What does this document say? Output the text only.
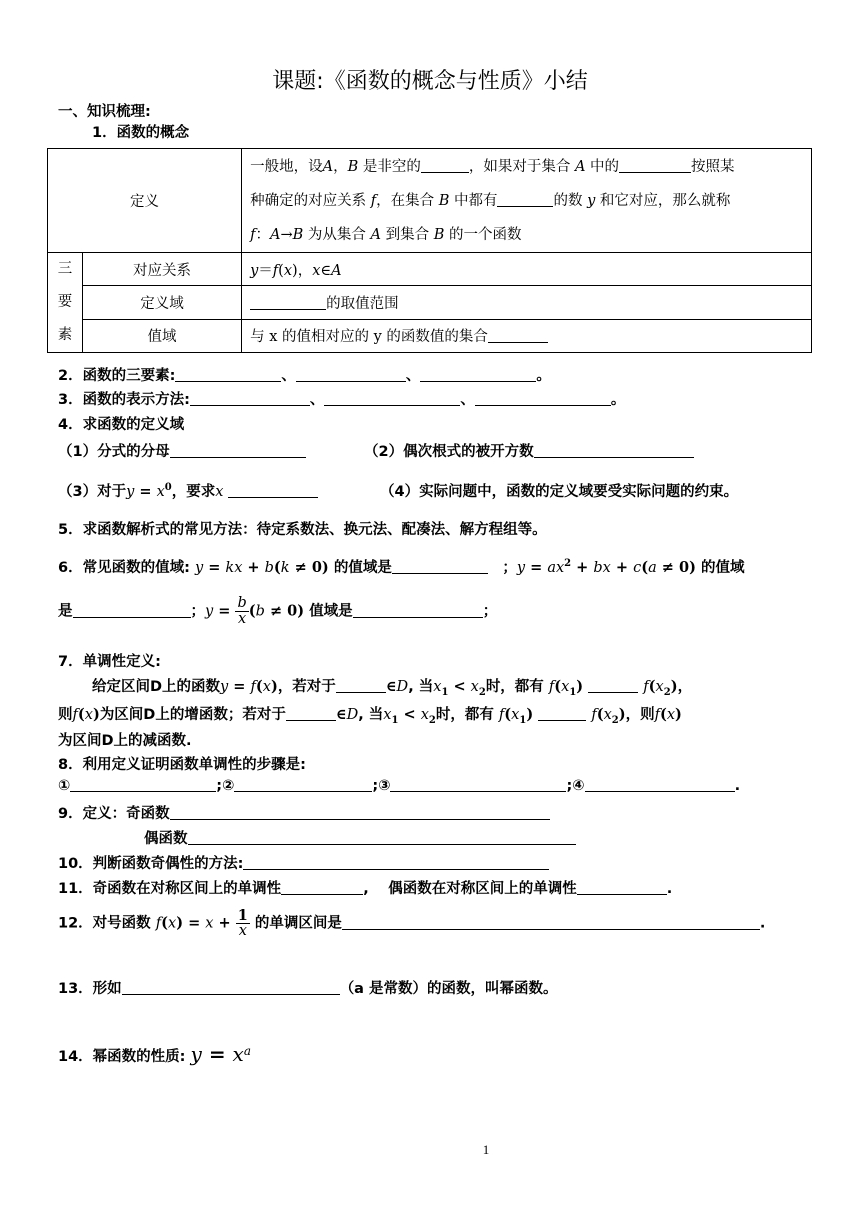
课题:《函数的概念与性质》小结
一、知识梳理:
1．函数的概念
定义		一般地，设A，B 是非空的 ，如果对于集合 A 中的 按照某
种确定的对应关系 f，在集合 B 中都有 的数 y 和它对应，那么就称
f：A→B 为从集合 A 到集合 B 的一个函数
三要素	对应关系	y＝f(x)，x∈A
	定义域	的取值范围
	值域	与 x 的值相对应的 y 的函数值的集合
2．函数的三要素:	、	、	。
3．函数的表示方法:	、	、	。
4．求函数的定义域
（1）分式的分母	（2）偶次根式的被开方数
（3）对于$y = x^0$，要求x	（4）实际问题中，函数的定义域要受实际问题的约束。
5．求函数解析式的常见方法：待定系数法、换元法、配凑法、解方程组等。
6．常见函数的值域: y = kx + b(k ≠ 0) 的值域是	　；$y = ax^2$ + bx + c(a ≠ 0) 的值域
是	；$y = \frac{b}{x} (b \ne 0)$ 值域是	；
7．单调性定义:
给定区间D上的函数y = f(x)，若对于	∈D, 当$x_1 < x_2$时，都有 $f(x_1)$	$f(x_2)$，
则f(x)为区间D上的增函数；若对于	∈D, 当$x_1 < x_2$时，都有 $f(x_1)$	$f(x_2)$，则f(x)
为区间D上的减函数.
8．利用定义证明函数单调性的步骤是:
①	;②	;③	;④	.
9．定义：奇函数
偶函数
10．判断函数奇偶性的方法:
11．奇函数在对称区间上的单调性	,　 偶函数在对称区间上的单调性	.
12．对号函数 $f(x) = x + \frac{1}{x}$ 的单调区间是	.
13．形如	（a 是常数）的函数，叫幂函数。
14．幂函数的性质: $y = x^a$
1
